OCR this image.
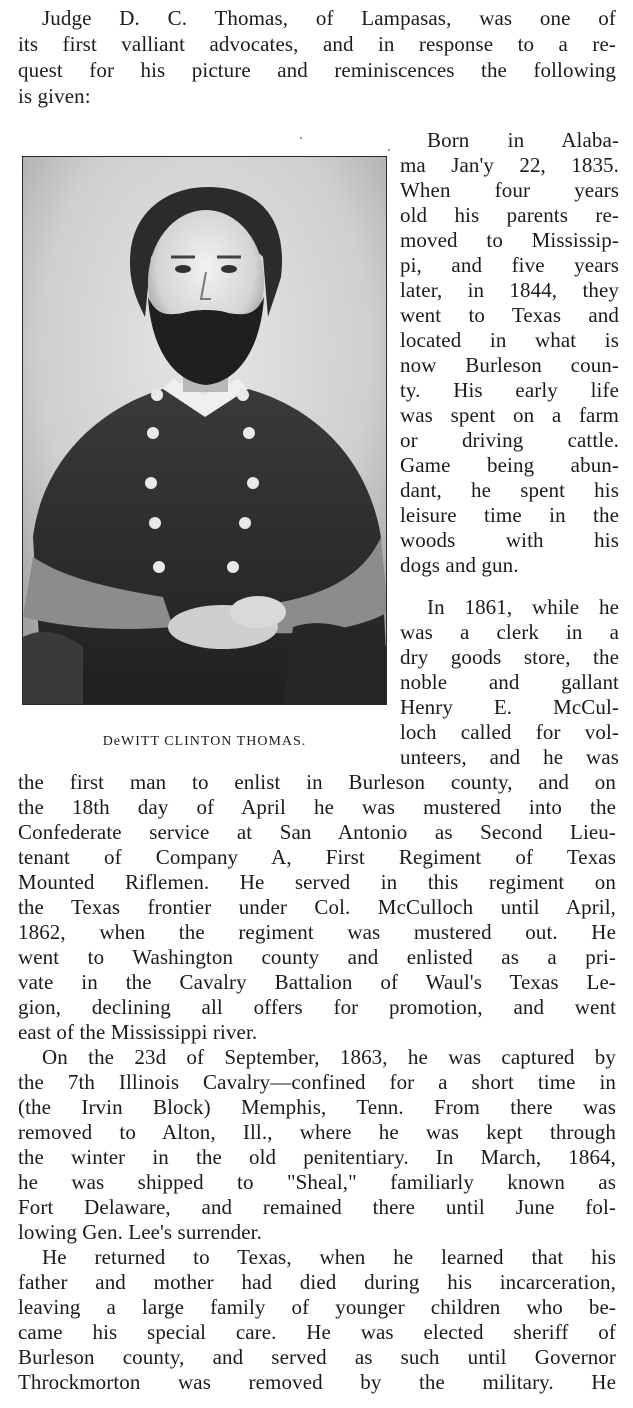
Judge D. C. Thomas, of Lampasas, was one of
its first valliant advocates, and in response to a re-
quest for his picture and reminiscences the following
is given:
DeWITT CLINTON THOMAS.
Born in Alaba-
ma Jan'y 22, 1835.
When four years
old his parents re-
moved to Mississip-
pi, and five years
later, in 1844, they
went to Texas and
located in what is
now Burleson coun-
ty. His early life
was spent on a farm
or driving cattle.
Game being abun-
dant, he spent his
leisure time in the
woods with his
dogs and gun.
In 1861, while he
was a clerk in a
dry goods store, the
noble and gallant
Henry E. McCul-
loch called for vol-
unteers, and he was
the first man to enlist in Burleson county, and on
the 18th day of April he was mustered into the
Confederate service at San Antonio as Second Lieu-
tenant of Company A, First Regiment of Texas
Mounted Riflemen. He served in this regiment on
the Texas frontier under Col. McCulloch until April,
1862, when the regiment was mustered out. He
went to Washington county and enlisted as a pri-
vate in the Cavalry Battalion of Waul's Texas Le-
gion, declining all offers for promotion, and went
east of the Mississippi river.
On the 23d of September, 1863, he was captured by
the 7th Illinois Cavalry—confined for a short time in
(the Irvin Block) Memphis, Tenn. From there was
removed to Alton, Ill., where he was kept through
the winter in the old penitentiary. In March, 1864,
he was shipped to "Sheal," familiarly known as
Fort Delaware, and remained there until June fol-
lowing Gen. Lee's surrender.
He returned to Texas, when he learned that his
father and mother had died during his incarceration,
leaving a large family of younger children who be-
came his special care. He was elected sheriff of
Burleson county, and served as such until Governor
Throckmorton was removed by the military. He
